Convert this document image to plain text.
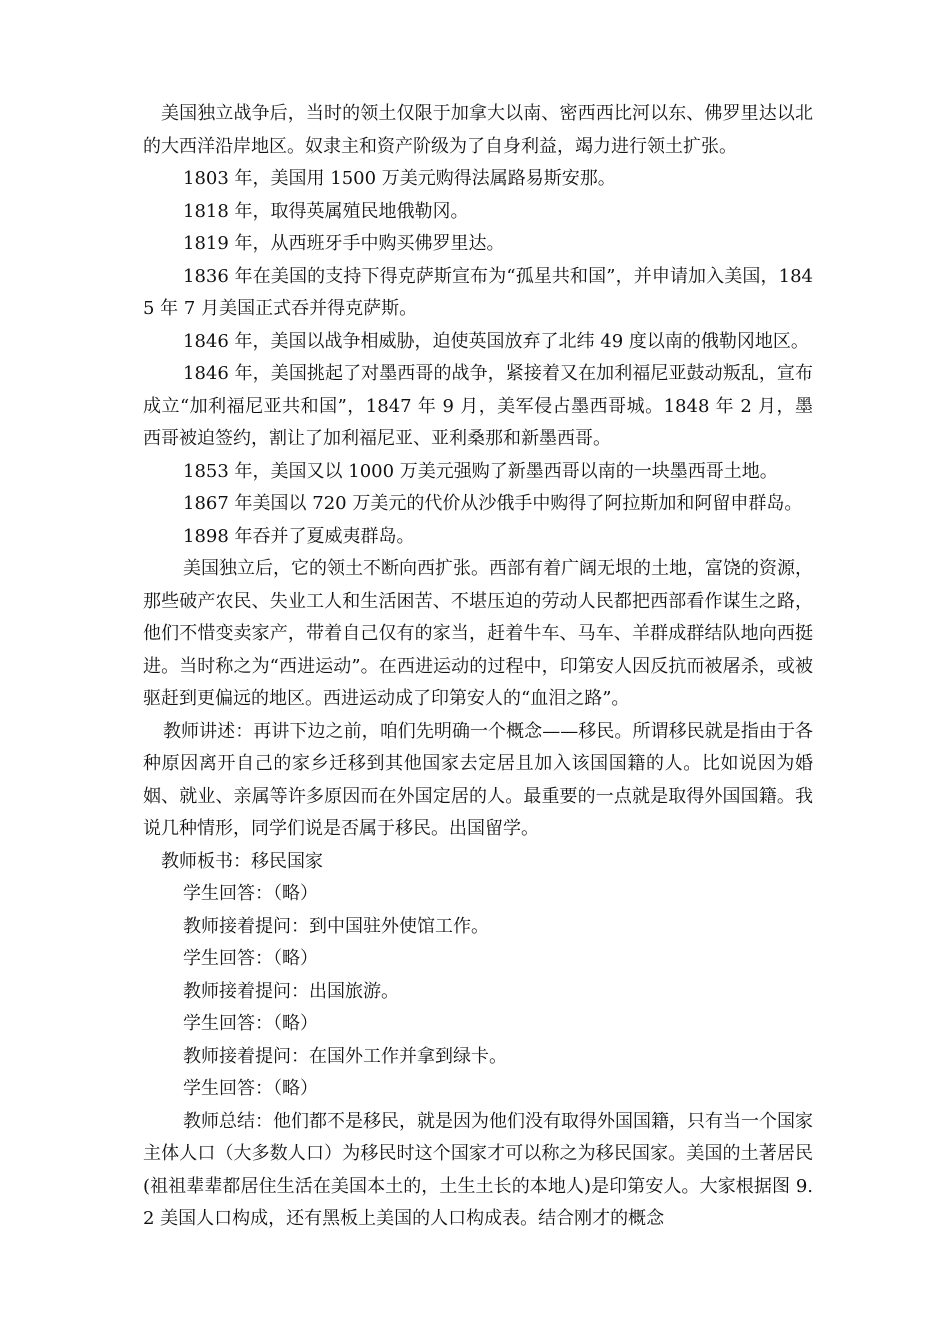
美国独立战争后，当时的领土仅限于加拿大以南、密西西比河以东、佛罗里达以北的大西洋沿岸地区。奴隶主和资产阶级为了自身利益，竭力进行领土扩张。

1803 年，美国用 1500 万美元购得法属路易斯安那。

1818 年，取得英属殖民地俄勒冈。

1819 年，从西班牙手中购买佛罗里达。

1836 年在美国的支持下得克萨斯宣布为“孤星共和国”，并申请加入美国，1845 年 7 月美国正式吞并得克萨斯。

1846 年，美国以战争相威胁，迫使英国放弃了北纬 49 度以南的俄勒冈地区。

1846 年，美国挑起了对墨西哥的战争，紧接着又在加利福尼亚鼓动叛乱，宣布成立“加利福尼亚共和国”，1847 年 9 月，美军侵占墨西哥城。1848 年 2 月，墨西哥被迫签约，割让了加利福尼亚、亚利桑那和新墨西哥。

1853 年，美国又以 1000 万美元强购了新墨西哥以南的一块墨西哥土地。

1867 年美国以 720 万美元的代价从沙俄手中购得了阿拉斯加和阿留申群岛。

1898 年吞并了夏威夷群岛。

美国独立后，它的领土不断向西扩张。西部有着广阔无垠的土地，富饶的资源，那些破产农民、失业工人和生活困苦、不堪压迫的劳动人民都把西部看作谋生之路，他们不惜变卖家产，带着自己仅有的家当，赶着牛车、马车、羊群成群结队地向西挺进。当时称之为“西进运动”。在西进运动的过程中，印第安人因反抗而被屠杀，或被驱赶到更偏远的地区。西进运动成了印第安人的“血泪之路”。

教师讲述：再讲下边之前，咱们先明确一个概念——移民。所谓移民就是指由于各种原因离开自己的家乡迁移到其他国家去定居且加入该国国籍的人。比如说因为婚姻、就业、亲属等许多原因而在外国定居的人。最重要的一点就是取得外国国籍。我说几种情形，同学们说是否属于移民。出国留学。

教师板书：移民国家

学生回答：（略）

教师接着提问：到中国驻外使馆工作。

学生回答：（略）

教师接着提问：出国旅游。

学生回答：（略）

教师接着提问：在国外工作并拿到绿卡。

学生回答：（略）

教师总结：他们都不是移民，就是因为他们没有取得外国国籍，只有当一个国家主体人口（大多数人口）为移民时这个国家才可以称之为移民国家。美国的土著居民(祖祖辈辈都居住生活在美国本土的，土生土长的本地人)是印第安人。大家根据图 9.2 美国人口构成，还有黑板上美国的人口构成表。结合刚才的概念
